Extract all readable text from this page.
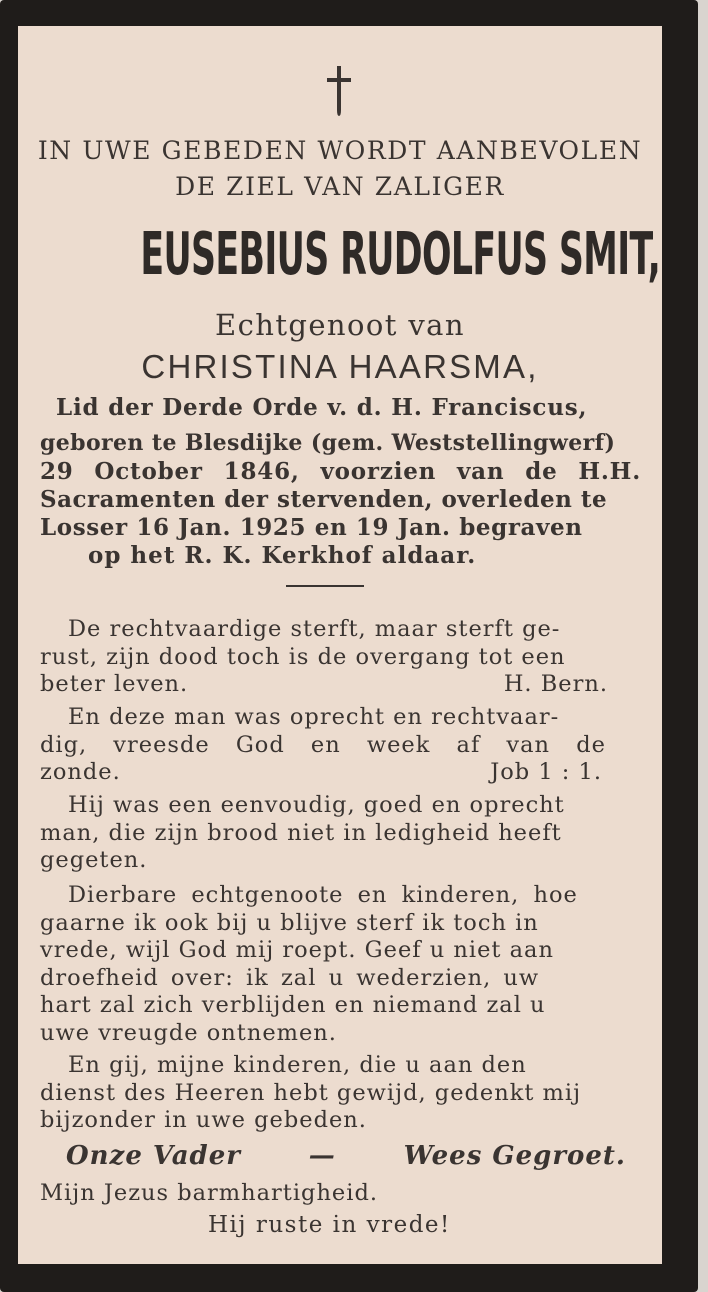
IN UWE GEBEDEN WORDT AANBEVOLEN
DE ZIEL VAN ZALIGER
EUSEBIUS RUDOLFUS SMIT,
Echtgenoot van
CHRISTINA HAARSMA,
Lid der Derde Orde v. d. H. Franciscus,
geboren te Blesdijke (gem. Weststellingwerf)
29 October 1846, voorzien van de H.H.
Sacramenten der stervenden, overleden te
Losser 16 Jan. 1925 en 19 Jan. begraven
op het R. K. Kerkhof aldaar.
De rechtvaardige sterft, maar sterft ge-
rust, zijn dood toch is de overgang tot een
beter leven.	H. Bern.
En deze man was oprecht en rechtvaar-
dig, vreesde God en week af van de
zonde.	Job 1 : 1.
Hij was een eenvoudig, goed en oprecht
man, die zijn brood niet in ledigheid heeft
gegeten.
Dierbare echtgenoote en kinderen, hoe
gaarne ik ook bij u blijve sterf ik toch in
vrede, wijl God mij roept. Geef u niet aan
droefheid over: ik zal u wederzien, uw
hart zal zich verblijden en niemand zal u
uwe vreugde ontnemen.
En gij, mijne kinderen, die u aan den
dienst des Heeren hebt gewijd, gedenkt mij
bijzonder in uwe gebeden.
Onze Vader	—	Wees Gegroet.
Mijn Jezus barmhartigheid.
Hij ruste in vrede!
